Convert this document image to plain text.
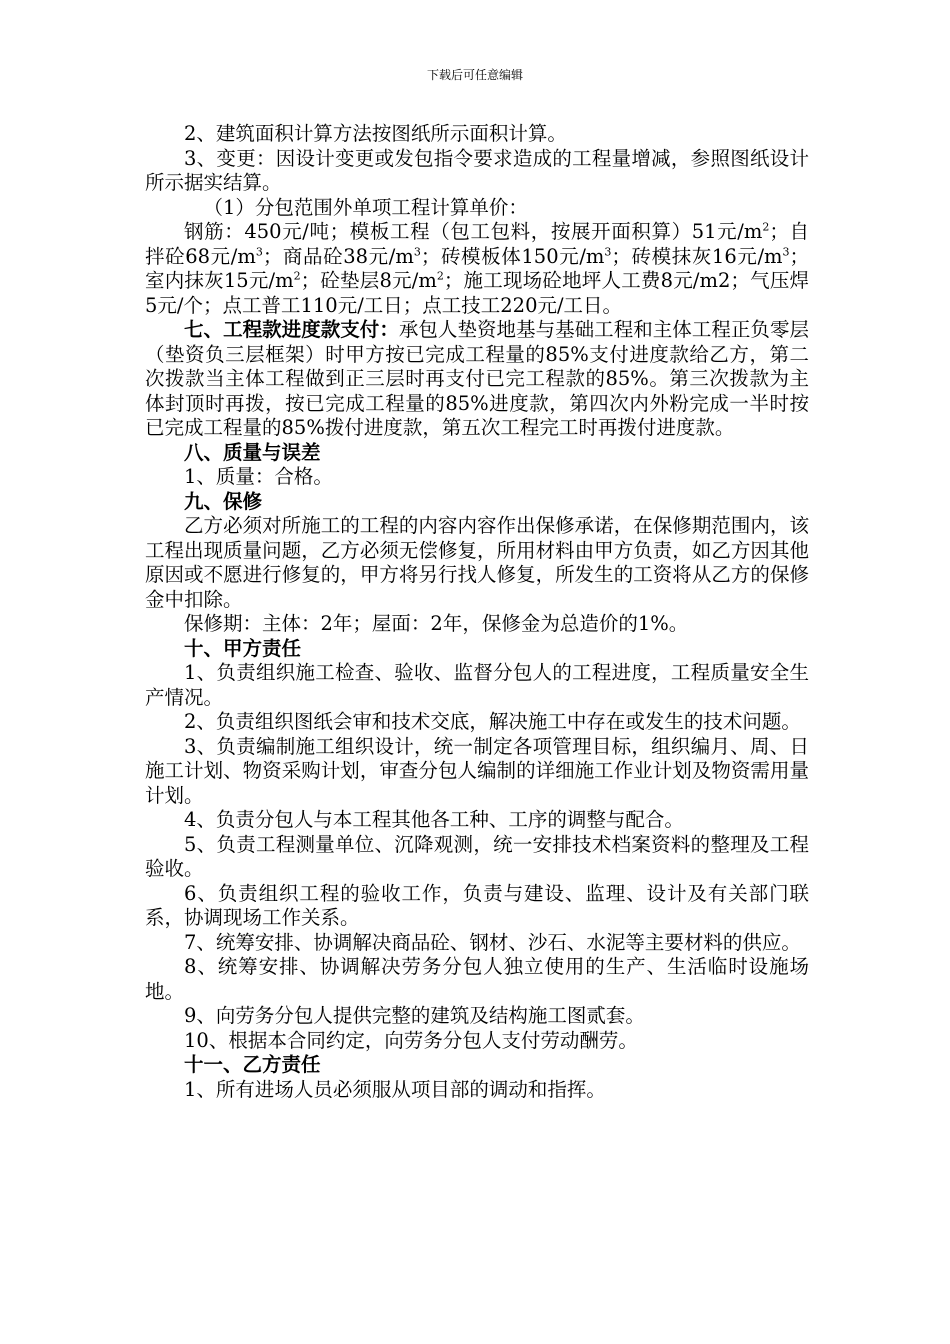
下载后可任意编辑

2、建筑面积计算方法按图纸所示面积计算。

3、变更：因设计变更或发包指令要求造成的工程量增减，参照图纸设计所示据实结算。

（1）分包范围外单项工程计算单价：

钢筋：450元/吨；模板工程（包工包料，按展开面积算）51元$/m^2$；自拌砼68元$/m^3$；商品砼38元$/m^3$；砖模板体150元$/m^3$；砖模抹灰16元$/m^3$；室内抹灰15元$/m^2$；砼垫层8元$/m^2$；施工现场砼地坪人工费8元/m2；气压焊5元/个；点工普工110元/工日；点工技工220元/工日。

七、工程款进度款支付：承包人垫资地基与基础工程和主体工程正负零层（垫资负三层框架）时甲方按已完成工程量的85%支付进度款给乙方，第二次拨款当主体工程做到正三层时再支付已完工程款的85%。第三次拨款为主体封顶时再拨，按已完成工程量的85%进度款，第四次内外粉完成一半时按已完成工程量的85%拨付进度款，第五次工程完工时再拨付进度款。

八、质量与误差

1、质量：合格。

九、保修

乙方必须对所施工的工程的内容内容作出保修承诺，在保修期范围内，该工程出现质量问题，乙方必须无偿修复，所用材料由甲方负责，如乙方因其他原因或不愿进行修复的，甲方将另行找人修复，所发生的工资将从乙方的保修金中扣除。

保修期：主体：2年；屋面：2年，保修金为总造价的1%。

十、甲方责任

1、负责组织施工检查、验收、监督分包人的工程进度，工程质量安全生产情况。

2、负责组织图纸会审和技术交底，解决施工中存在或发生的技术问题。

3、负责编制施工组织设计，统一制定各项管理目标，组织编月、周、日施工计划、物资采购计划，审查分包人编制的详细施工作业计划及物资需用量计划。

4、负责分包人与本工程其他各工种、工序的调整与配合。

5、负责工程测量单位、沉降观测，统一安排技术档案资料的整理及工程验收。

6、负责组织工程的验收工作，负责与建设、监理、设计及有关部门联系，协调现场工作关系。

7、统筹安排、协调解决商品砼、钢材、沙石、水泥等主要材料的供应。

8、统筹安排、协调解决劳务分包人独立使用的生产、生活临时设施场地。

9、向劳务分包人提供完整的建筑及结构施工图贰套。

10、根据本合同约定，向劳务分包人支付劳动酬劳。

十一、乙方责任

1、所有进场人员必须服从项目部的调动和指挥。
